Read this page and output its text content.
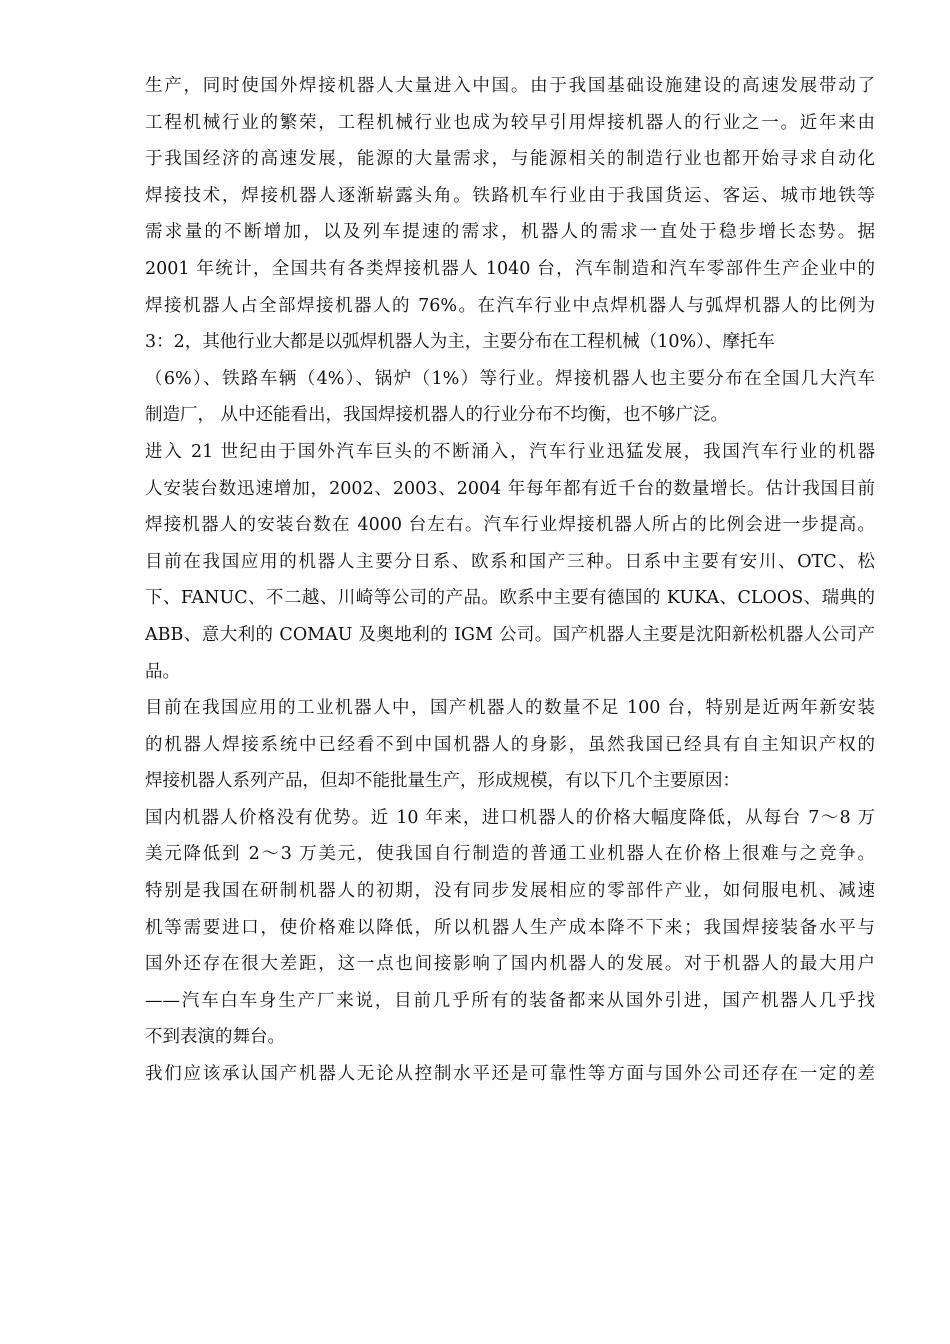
生产，同时使国外焊接机器人大量进入中国。由于我国基础设施建设的高速发展带动了
工程机械行业的繁荣，工程机械行业也成为较早引用焊接机器人的行业之一。近年来由
于我国经济的高速发展，能源的大量需求，与能源相关的制造行业也都开始寻求自动化
焊接技术，焊接机器人逐渐崭露头角。铁路机车行业由于我国货运、客运、城市地铁等
需求量的不断增加，以及列车提速的需求，机器人的需求一直处于稳步增长态势。据
2001 年统计，全国共有各类焊接机器人 1040 台，汽车制造和汽车零部件生产企业中的
焊接机器人占全部焊接机器人的 76%。在汽车行业中点焊机器人与弧焊机器人的比例为
3：2，其他行业大都是以弧焊机器人为主，主要分布在工程机械（10%）、摩托车
（6%）、铁路车辆（4%）、锅炉（1%）等行业。焊接机器人也主要分布在全国几大汽车
制造厂， 从中还能看出，我国焊接机器人的行业分布不均衡，也不够广泛。
进入 21 世纪由于国外汽车巨头的不断涌入，汽车行业迅猛发展，我国汽车行业的机器
人安装台数迅速增加，2002、2003、2004 年每年都有近千台的数量增长。估计我国目前
焊接机器人的安装台数在 4000 台左右。汽车行业焊接机器人所占的比例会进一步提高。
目前在我国应用的机器人主要分日系、欧系和国产三种。日系中主要有安川、OTC、松
下、FANUC、不二越、川崎等公司的产品。欧系中主要有德国的 KUKA、CLOOS、瑞典的
ABB、意大利的 COMAU 及奥地利的 IGM 公司。国产机器人主要是沈阳新松机器人公司产
品。
目前在我国应用的工业机器人中，国产机器人的数量不足 100 台，特别是近两年新安装
的机器人焊接系统中已经看不到中国机器人的身影，虽然我国已经具有自主知识产权的
焊接机器人系列产品，但却不能批量生产，形成规模，有以下几个主要原因：
国内机器人价格没有优势。近 10 年来，进口机器人的价格大幅度降低，从每台 7～8 万
美元降低到 2～3 万美元，使我国自行制造的普通工业机器人在价格上很难与之竞争。
特别是我国在研制机器人的初期，没有同步发展相应的零部件产业，如伺服电机、减速
机等需要进口，使价格难以降低，所以机器人生产成本降不下来；我国焊接装备水平与
国外还存在很大差距，这一点也间接影响了国内机器人的发展。对于机器人的最大用户
——汽车白车身生产厂来说，目前几乎所有的装备都来从国外引进，国产机器人几乎找
不到表演的舞台。
我们应该承认国产机器人无论从控制水平还是可靠性等方面与国外公司还存在一定的差
